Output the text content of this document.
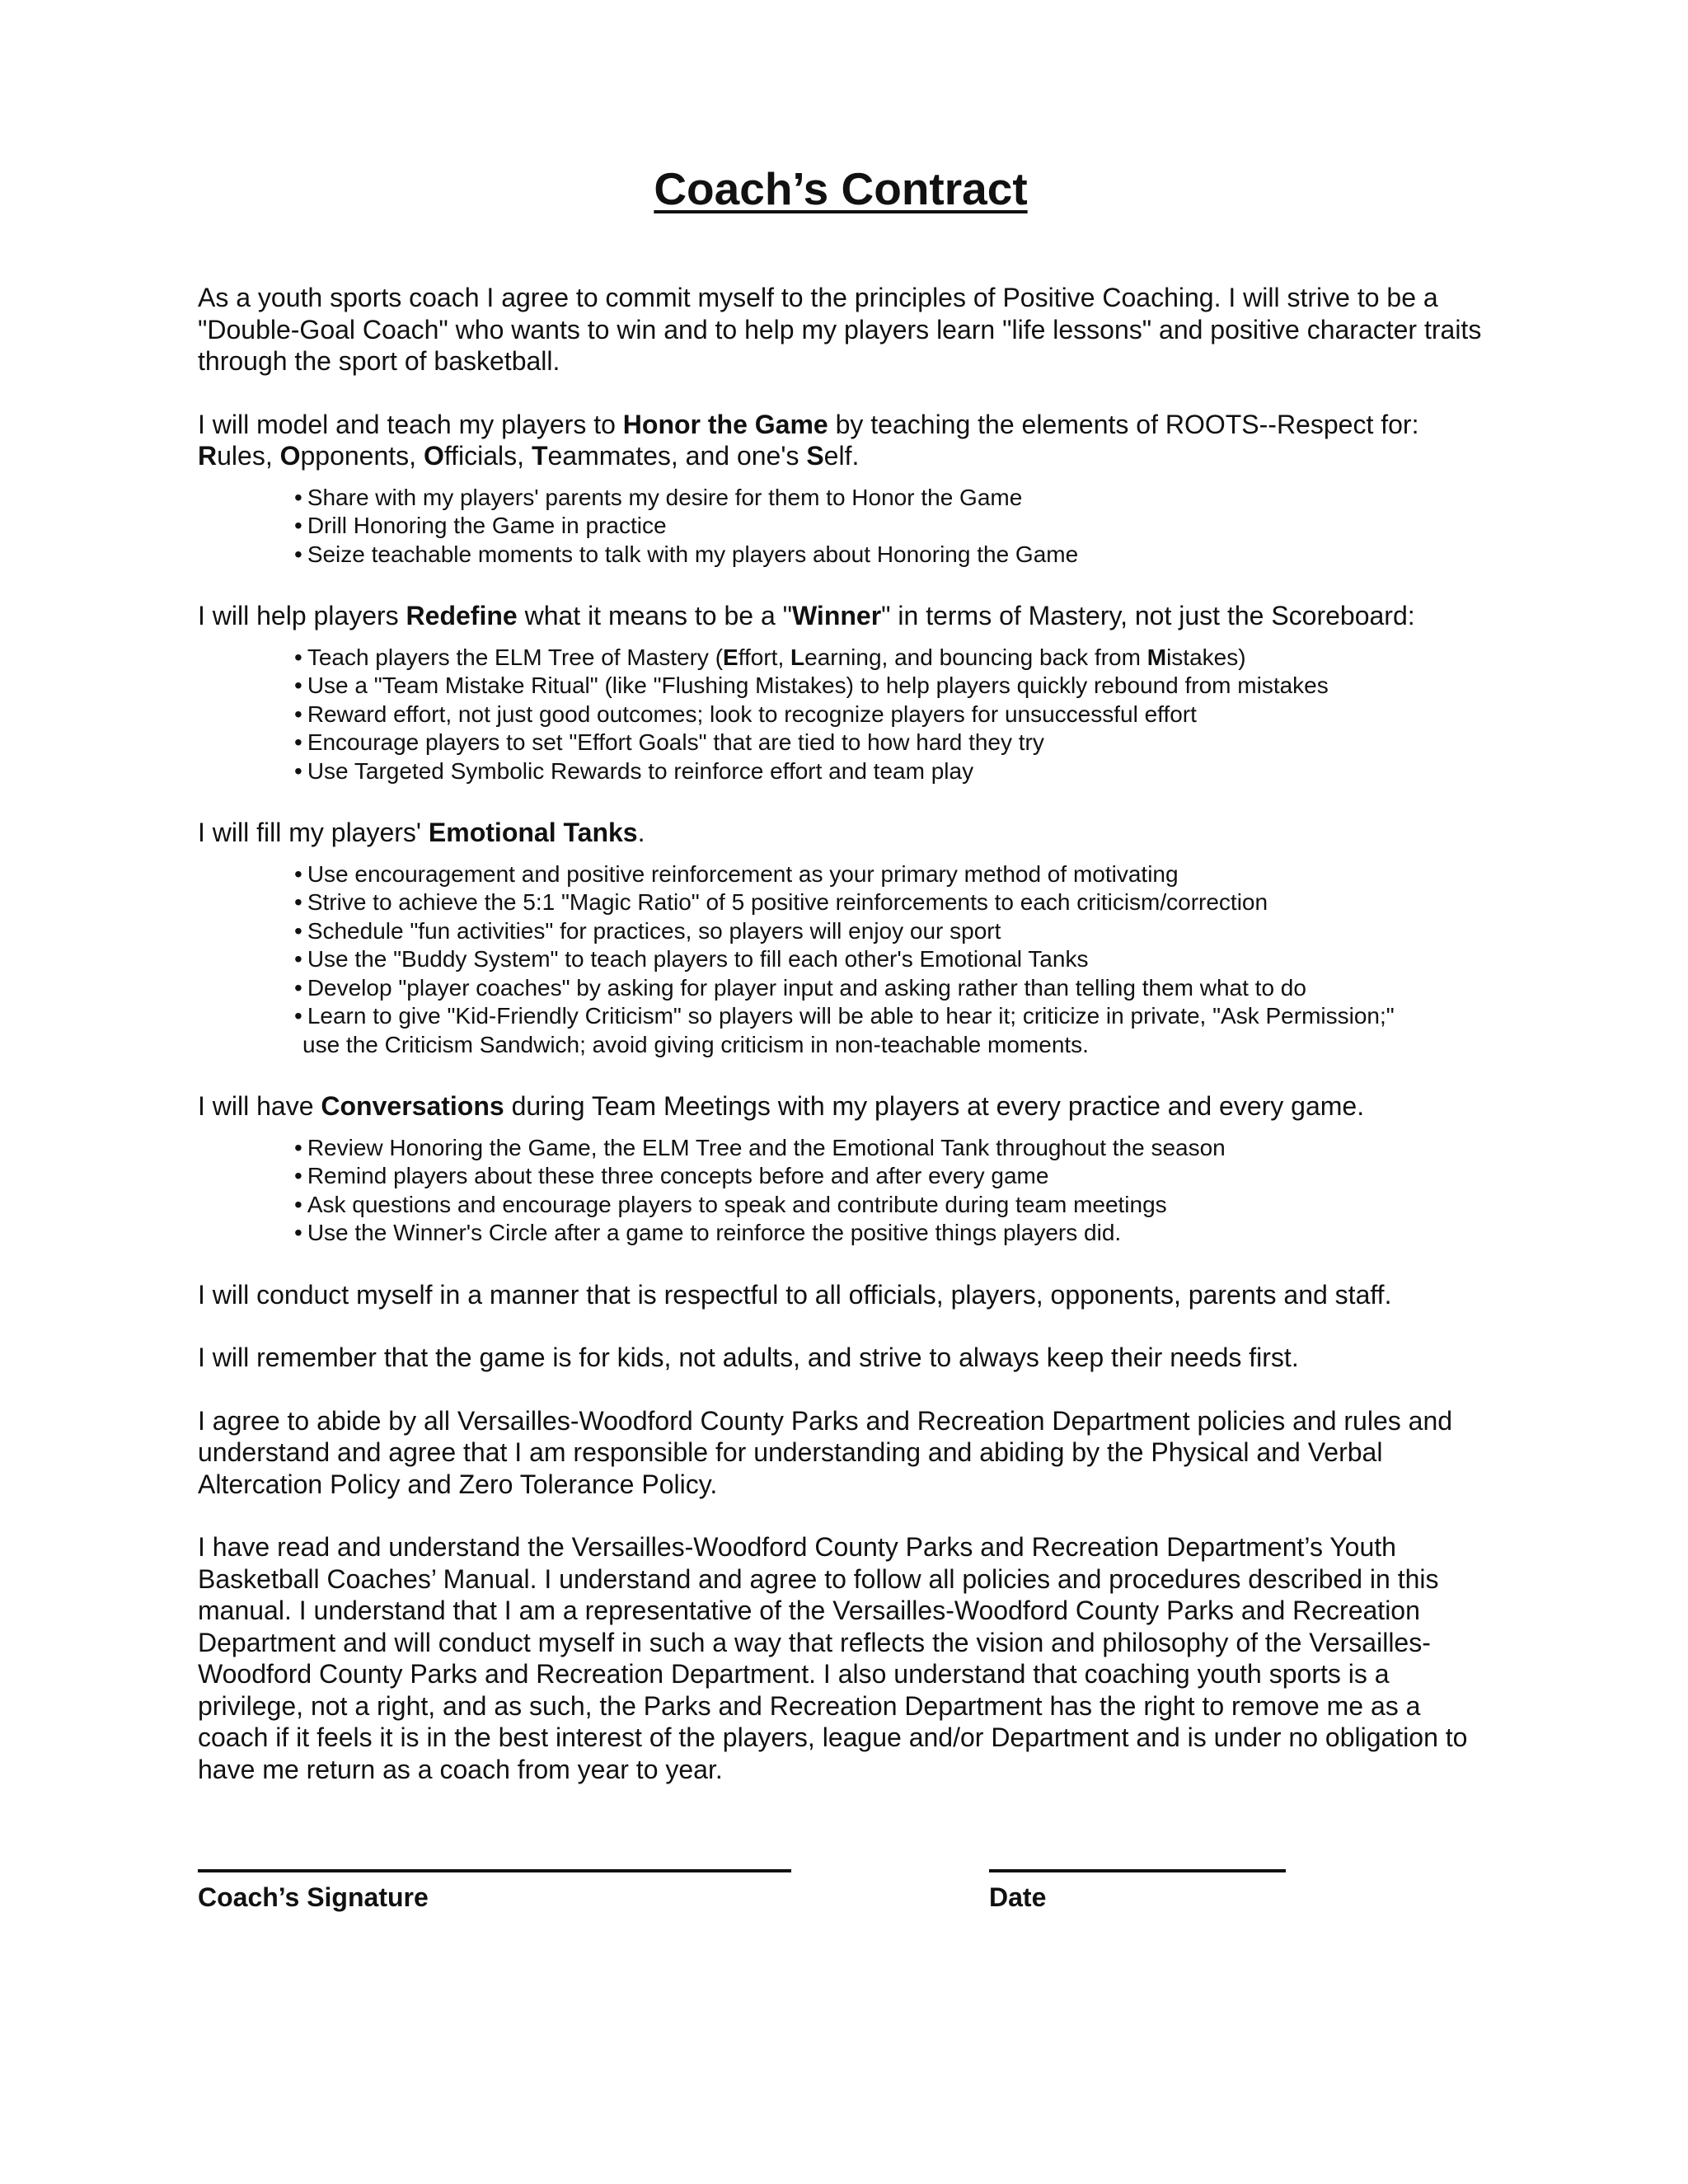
Coach’s Contract

As a youth sports coach I agree to commit myself to the principles of Positive Coaching. I will strive to be a "Double-Goal Coach" who wants to win and to help my players learn "life lessons" and positive character traits through the sport of basketball.

I will model and teach my players to Honor the Game by teaching the elements of ROOTS--Respect for:
Rules, Opponents, Officials, Teammates, and one's Self.

• Share with my players' parents my desire for them to Honor the Game
• Drill Honoring the Game in practice
• Seize teachable moments to talk with my players about Honoring the Game

I will help players Redefine what it means to be a "Winner" in terms of Mastery, not just the Scoreboard:

• Teach players the ELM Tree of Mastery (Effort, Learning, and bouncing back from Mistakes)
• Use a "Team Mistake Ritual" (like "Flushing Mistakes) to help players quickly rebound from mistakes
• Reward effort, not just good outcomes; look to recognize players for unsuccessful effort
• Encourage players to set "Effort Goals" that are tied to how hard they try
• Use Targeted Symbolic Rewards to reinforce effort and team play

I will fill my players' Emotional Tanks.

• Use encouragement and positive reinforcement as your primary method of motivating
• Strive to achieve the 5:1 "Magic Ratio" of 5 positive reinforcements to each criticism/correction
• Schedule "fun activities" for practices, so players will enjoy our sport
• Use the "Buddy System" to teach players to fill each other's Emotional Tanks
• Develop "player coaches" by asking for player input and asking rather than telling them what to do
• Learn to give "Kid-Friendly Criticism" so players will be able to hear it; criticize in private, "Ask Permission;"
use the Criticism Sandwich; avoid giving criticism in non-teachable moments.

I will have Conversations during Team Meetings with my players at every practice and every game.

• Review Honoring the Game, the ELM Tree and the Emotional Tank throughout the season
• Remind players about these three concepts before and after every game
• Ask questions and encourage players to speak and contribute during team meetings
• Use the Winner's Circle after a game to reinforce the positive things players did.

I will conduct myself in a manner that is respectful to all officials, players, opponents, parents and staff.

I will remember that the game is for kids, not adults, and strive to always keep their needs first.

I agree to abide by all Versailles-Woodford County Parks and Recreation Department policies and rules and understand and agree that I am responsible for understanding and abiding by the Physical and Verbal Altercation Policy and Zero Tolerance Policy.

I have read and understand the Versailles-Woodford County Parks and Recreation Department’s Youth Basketball Coaches’ Manual. I understand and agree to follow all policies and procedures described in this manual. I understand that I am a representative of the Versailles-Woodford County Parks and Recreation Department and will conduct myself in such a way that reflects the vision and philosophy of the Versailles-Woodford County Parks and Recreation Department. I also understand that coaching youth sports is a privilege, not a right, and as such, the Parks and Recreation Department has the right to remove me as a coach if it feels it is in the best interest of the players, league and/or Department and is under no obligation to have me return as a coach from year to year.

Coach’s Signature	Date
